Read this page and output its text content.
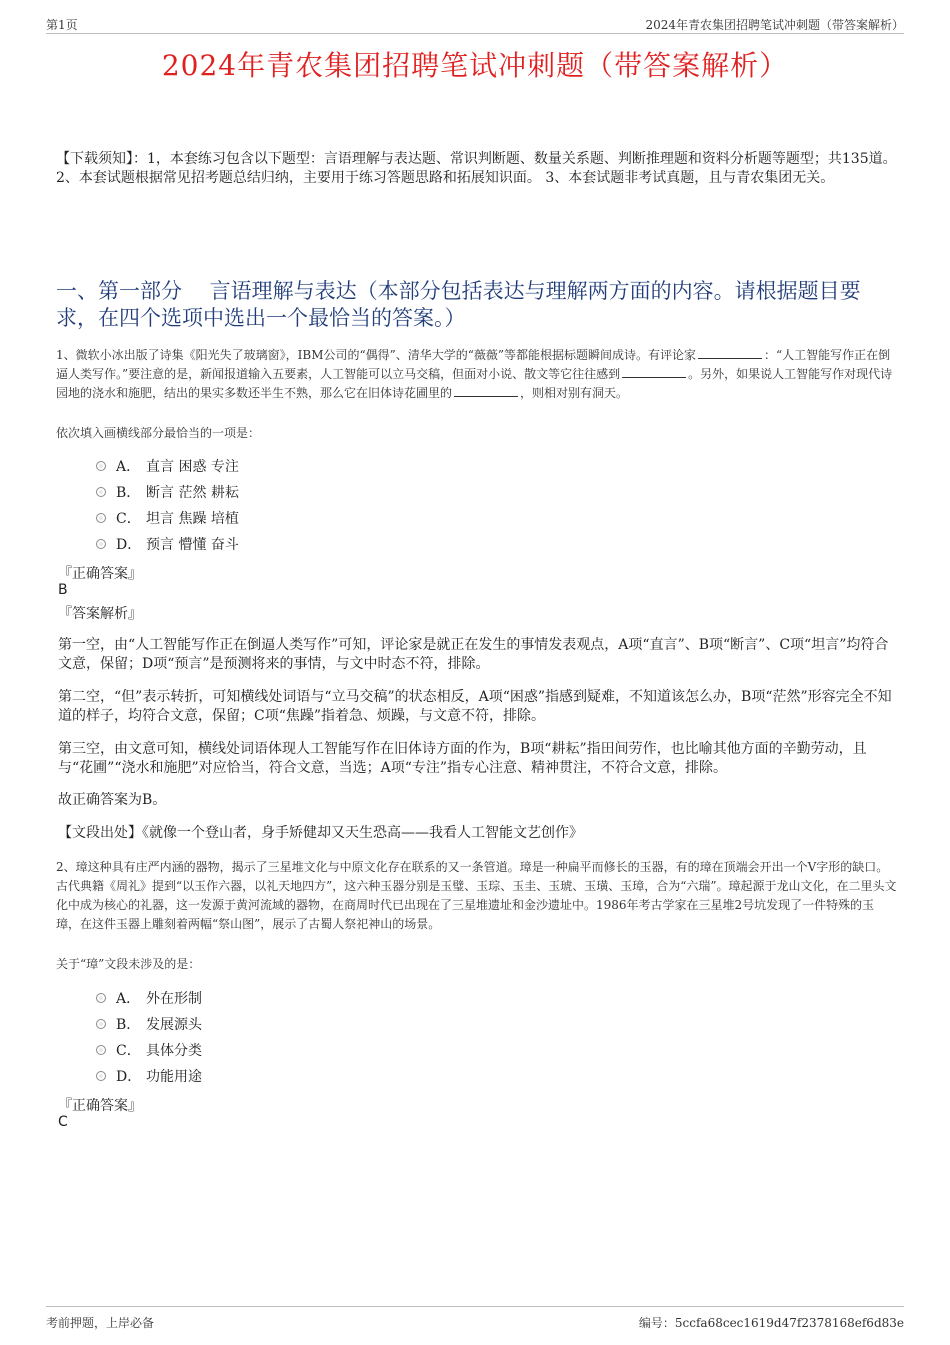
第1页	2024年青农集团招聘笔试冲刺题（带答案解析）
2024年青农集团招聘笔试冲刺题（带答案解析）
【下载须知】：1，本套练习包含以下题型：言语理解与表达题、常识判断题、数量关系题、判断推理题和资料分析题等题型；共135道。 2、本套试题根据常见招考题总结归纳，主要用于练习答题思路和拓展知识面。 3、本套试题非考试真题，且与青农集团无关。
一、第一部分　 言语理解与表达（本部分包括表达与理解两方面的内容。请根据题目要求，在四个选项中选出一个最恰当的答案。）
1、微软小冰出版了诗集《阳光失了玻璃窗》，IBM公司的“偶得”、清华大学的“薇薇”等都能根据标题瞬间成诗。有评论家	：“人工智能写作正在倒逼人类写作。”要注意的是，新闻报道输入五要素，人工智能可以立马交稿，但面对小说、散文等它往往感到	。另外，如果说人工智能写作对现代诗园地的浇水和施肥，结出的果实多数还半生不熟，那么它在旧体诗花圃里的	，则相对别有洞天。
依次填入画横线部分最恰当的一项是：
A． 直言 困惑 专注
B． 断言 茫然 耕耘
C． 坦言 焦躁 培植
D． 预言 懵懂 奋斗
『正确答案』
B
『答案解析』
第一空，由“人工智能写作正在倒逼人类写作”可知，评论家是就正在发生的事情发表观点，A项“直言”、B项“断言”、C项“坦言”均符合文意，保留；D项“预言”是预测将来的事情，与文中时态不符，排除。
第二空，“但”表示转折，可知横线处词语与“立马交稿”的状态相反，A项“困惑”指感到疑难，不知道该怎么办，B项“茫然”形容完全不知道的样子，均符合文意，保留；C项“焦躁”指着急、烦躁，与文意不符，排除。
第三空，由文意可知，横线处词语体现人工智能写作在旧体诗方面的作为，B项“耕耘”指田间劳作，也比喻其他方面的辛勤劳动，且与“花圃”“浇水和施肥”对应恰当，符合文意，当选；A项“专注”指专心注意、精神贯注，不符合文意，排除。
故正确答案为B。
【文段出处】《就像一个登山者，身手矫健却又天生恐高——我看人工智能文艺创作》
2、璋这种具有庄严内涵的器物，揭示了三星堆文化与中原文化存在联系的又一条管道。璋是一种扁平而修长的玉器，有的璋在顶端会开出一个V字形的缺口。古代典籍《周礼》提到“以玉作六器，以礼天地四方”，这六种玉器分别是玉璧、玉琮、玉圭、玉琥、玉璜、玉璋，合为“六瑞”。璋起源于龙山文化，在二里头文化中成为核心的礼器，这一发源于黄河流域的器物，在商周时代已出现在了三星堆遗址和金沙遗址中。1986年考古学家在三星堆2号坑发现了一件特殊的玉璋，在这件玉器上雕刻着两幅“祭山图”，展示了古蜀人祭祀神山的场景。
关于“璋”文段未涉及的是：
A． 外在形制
B． 发展源头
C． 具体分类
D． 功能用途
『正确答案』
C
考前押题，上岸必备	编号：5ccfa68cec1619d47f2378168ef6d83e
